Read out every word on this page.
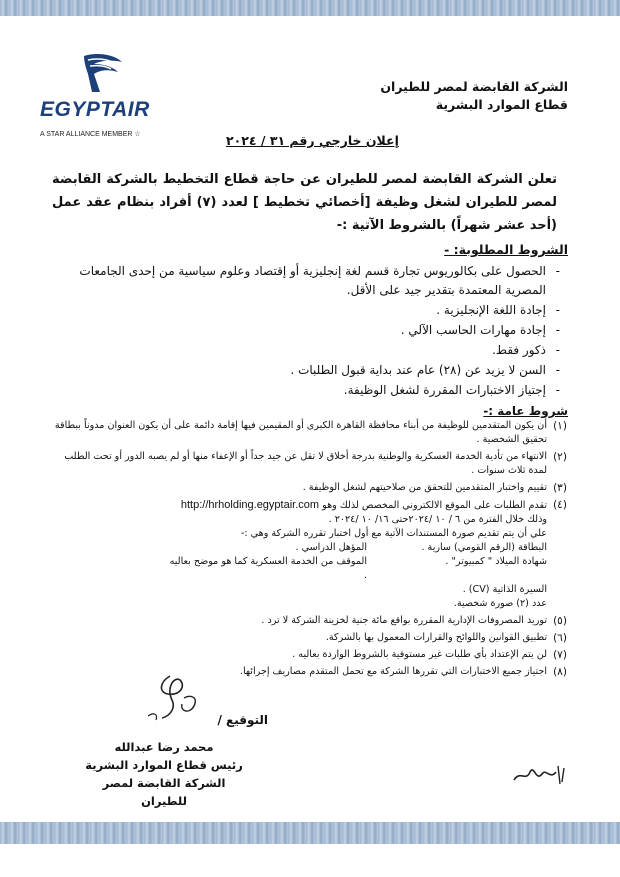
EGYPTAIR
A STAR ALLIANCE MEMBER ☆
الشركة القابضة لمصر للطيران
قطاع الموارد البشرية
إعلان خارجي رقم ٣١ / ٢٠٢٤
تعلن الشركة القابضة لمصر للطيران عن حاجة قطاع التخطيط بالشركة القابضة لمصر للطيران لشغل وظيفة [أخصائي تخطيط ] لعدد (٧) أفراد بنظام عقد عمل (أحد عشر شهراً) بالشروط الآتية :-
الشروط المطلوبة: -
- الحصول على بكالوريوس تجارة قسم لغة إنجليزية أو إقتصاد وعلوم سياسية من إحدى الجامعات المصرية المعتمدة بتقدير جيد على الأقل.
- إجادة اللغة الإنجليزية .
- إجادة مهارات الحاسب الآلي .
- ذكور فقط.
- السن لا يزيد عن (٢٨) عام عند بداية قبول الطلبات .
- إجتياز الاختبارات المقررة لشغل الوظيفة.
شروط عامة :-
(١)
أن يكون المتقدمين للوظيفة من أبناء محافظة القاهرة الكبرى أو المقيمين فيها إقامة دائمة على أن يكون العنوان مدوناً ببطاقة تحقيق الشخصية .
(٢)
الانتهاء من تأدية الخدمة العسكرية والوطنية بدرجة أخلاق لا تقل عن جيد جداً أو الإعفاء منها أو لم يصبه الدور أو تحت الطلب لمدة ثلاث سنوات .
(٣)
تقييم واختبار المتقدمين للتحقق من صلاحيتهم لشغل الوظيفة .
(٤)
تقدم الطلبات على الموقع الالكتروني المخصص لذلك وهو http://hrholding.egyptair.com
وذلك خلال الفترة من ٦ / ١٠ /٢٠٢٤حتى ١٦/ ١٠ /٢٠٢٤ .
علي أن يتم تقديم صورة المستندات الآتية مع أول اختبار تقرره الشركة وهي :-
البطاقة (الرقم القومي) سارية .
المؤهل الدراسي .
شهادة الميلاد " كمبيوتر" .
الموقف من الخدمة العسكرية كما هو موضح بعاليه .
السيرة الذاتية (CV) .
عدد (٢) صورة شخصية.
(٥)
توريد المصروفات الإدارية المقررة بواقع مائة جنية لخزينة الشركة لا ترد .
(٦)
تطبيق القوانين واللوائح والقرارات المعمول بها بالشركة.
(٧)
لن يتم الإعتداد بأي طلبات غير مستوفية بالشروط الواردة بعاليه .
(٨)
اجتياز جميع الاختبارات التي تقررها الشركة مع تحمل المتقدم مصاريف إجرائها.
التوقيع /
محمد رضا عبدالله
رئيس قطاع الموارد البشرية
الشركة القابضة لمصر للطيران
